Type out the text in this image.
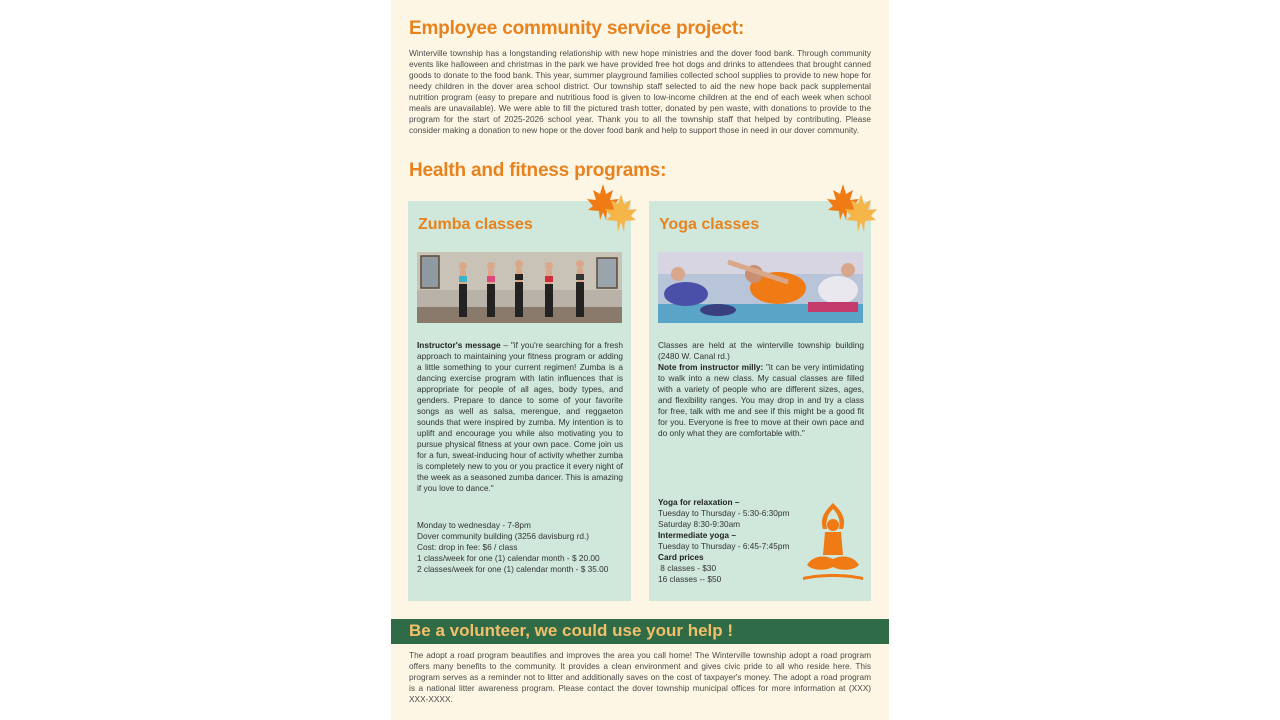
Employee community service project:

Winterville township has a longstanding relationship with new hope ministries and the dover food bank. Through community events like halloween and christmas in the park we have provided free hot dogs and drinks to attendees that brought canned goods to donate to the food bank. This year, summer playground families collected school supplies to provide to new hope for needy children in the dover area school district. Our township staff selected to aid the new hope back pack supplemental nutrition program (easy to prepare and nutritious food is given to low-income children at the end of each week when school meals are unavailable). We were able to fill the pictured trash totter, donated by pen waste, with donations to provide to the program for the start of 2025-2026 school year. Thank you to all the township staff that helped by contributing. Please consider making a donation to new hope or the dover food bank and help to support those in need in our dover community.

Health and fitness programs:
Zumba classes

Instructor's message – "if you're searching for a fresh approach to maintaining your fitness program or adding a little something to your current regimen! Zumba is a dancing exercise program with latin influences that is appropriate for people of all ages, body types, and genders. Prepare to dance to some of your favorite songs as well as salsa, merengue, and reggaeton sounds that were inspired by zumba. My intention is to uplift and encourage you while also motivating you to pursue physical fitness at your own pace. Come join us for a fun, sweat-inducing hour of activity whether zumba is completely new to you or you practice it every night of the week as a seasoned zumba dancer. This is amazing if you love to dance."

Monday to wednesday - 7-8pm
Dover community building (3256 davisburg rd.)
Cost: drop in fee: $6 / class
1 class/week for one (1) calendar month - $ 20.00
2 classes/week for one (1) calendar month - $ 35.00
Yoga classes
Classes are held at the winterville township building (2480 W. Canal rd.)
Note from instructor milly: "it can be very intimidating to walk into a new class. My casual classes are filled with a variety of people who are different sizes, ages, and flexibility ranges. You may drop in and try a class for free, talk with me and see if this might be a good fit for you. Everyone is free to move at their own pace and do only what they are comfortable with."
Yoga for relaxation –
Tuesday to Thursday - 5:30-6:30pm
Saturday 8:30-9:30am
Intermediate yoga –
Tuesday to Thursday - 6:45-7:45pm
Card prices
8 classes - $30
16 classes -- $50
Be a volunteer, we could use your help !

The adopt a road program beautifies and improves the area you call home! The Winterville township adopt a road program offers many benefits to the community. It provides a clean environment and gives civic pride to all who reside here. This program serves as a reminder not to litter and additionally saves on the cost of taxpayer's money. The adopt a road program is a national litter awareness program. Please contact the dover township municipal offices for more information at (XXX) XXX-XXXX.
